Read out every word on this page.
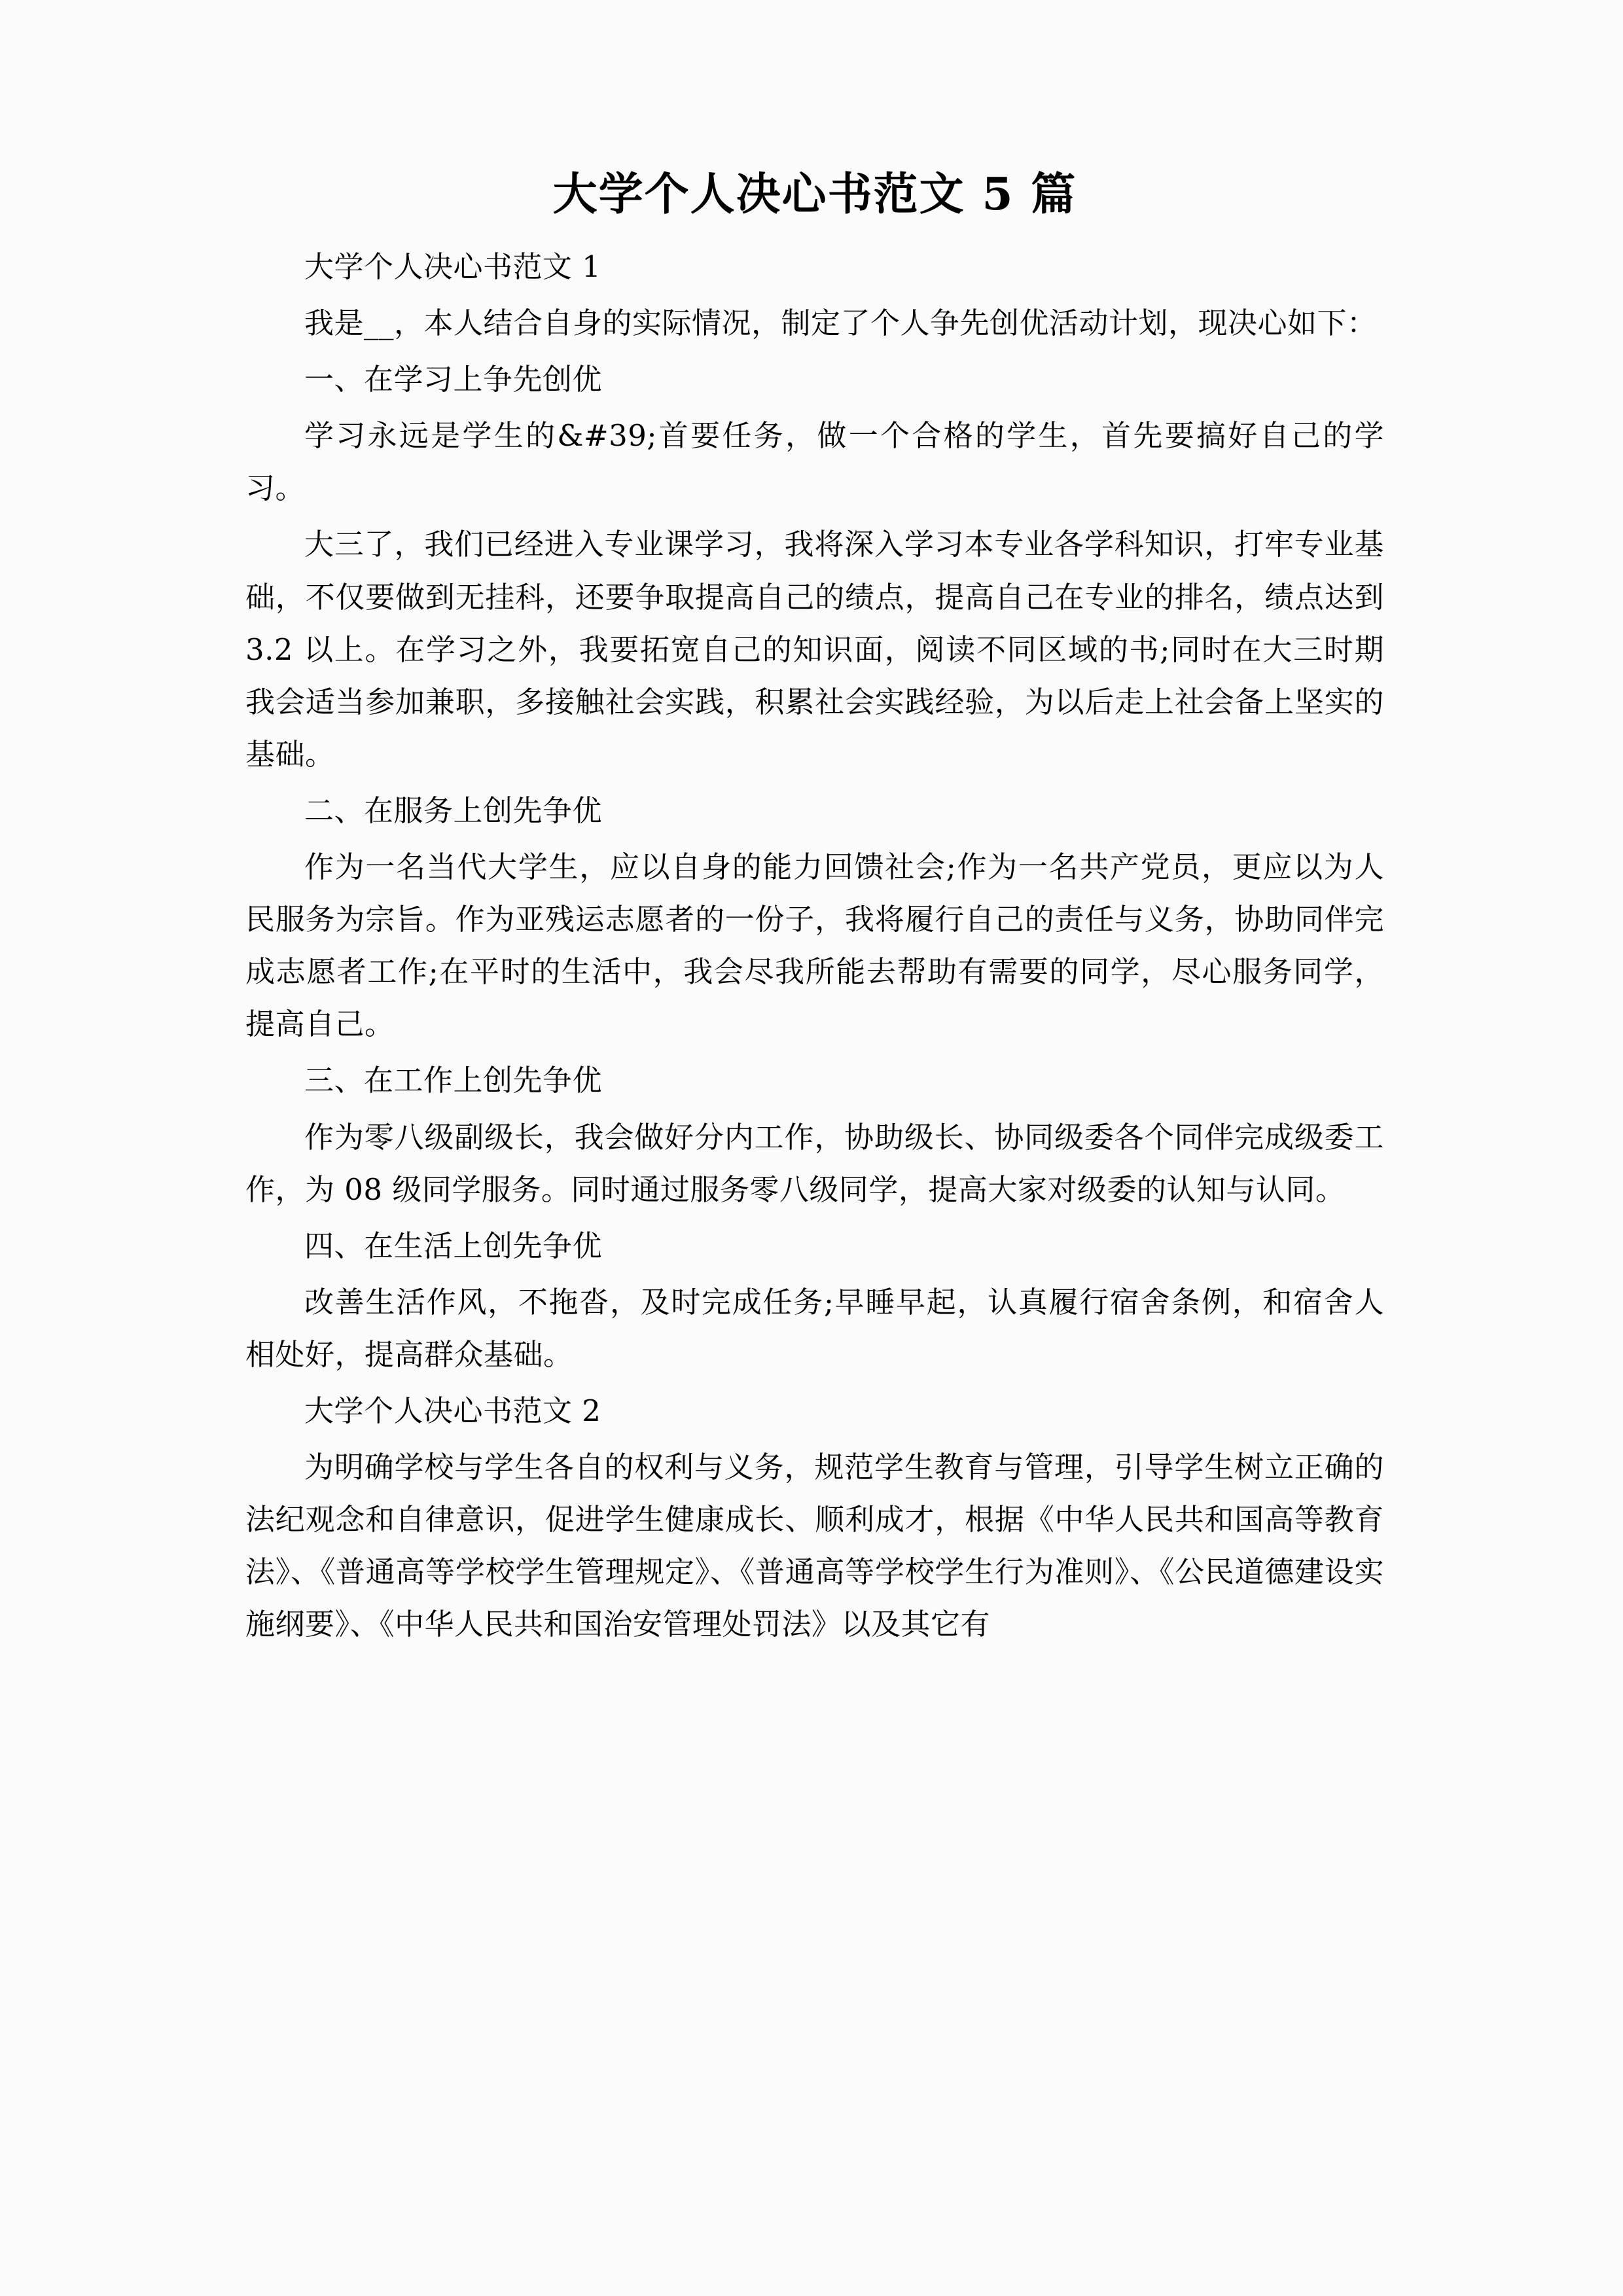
大学个人决心书范文 5 篇

大学个人决心书范文 1

我是__，本人结合自身的实际情况，制定了个人争先创优活动计划，现决心如下：

一、在学习上争先创优

学习永远是学生的&#39;首要任务，做一个合格的学生，首先要搞好自己的学习。

大三了，我们已经进入专业课学习，我将深入学习本专业各学科知识，打牢专业基础，不仅要做到无挂科，还要争取提高自己的绩点，提高自己在专业的排名，绩点达到 3.2 以上。在学习之外，我要拓宽自己的知识面，阅读不同区域的书;同时在大三时期我会适当参加兼职，多接触社会实践，积累社会实践经验，为以后走上社会备上坚实的基础。

二、在服务上创先争优

作为一名当代大学生，应以自身的能力回馈社会;作为一名共产党员，更应以为人民服务为宗旨。作为亚残运志愿者的一份子，我将履行自己的责任与义务，协助同伴完成志愿者工作;在平时的生活中，我会尽我所能去帮助有需要的同学，尽心服务同学，提高自己。

三、在工作上创先争优

作为零八级副级长，我会做好分内工作，协助级长、协同级委各个同伴完成级委工作，为 08 级同学服务。同时通过服务零八级同学，提高大家对级委的认知与认同。

四、在生活上创先争优

改善生活作风，不拖沓，及时完成任务;早睡早起，认真履行宿舍条例，和宿舍人相处好，提高群众基础。

大学个人决心书范文 2

为明确学校与学生各自的权利与义务，规范学生教育与管理，引导学生树立正确的法纪观念和自律意识，促进学生健康成长、顺利成才，根据《中华人民共和国高等教育法》、《普通高等学校学生管理规定》、《普通高等学校学生行为准则》、《公民道德建设实施纲要》、《中华人民共和国治安管理处罚法》以及其它有
